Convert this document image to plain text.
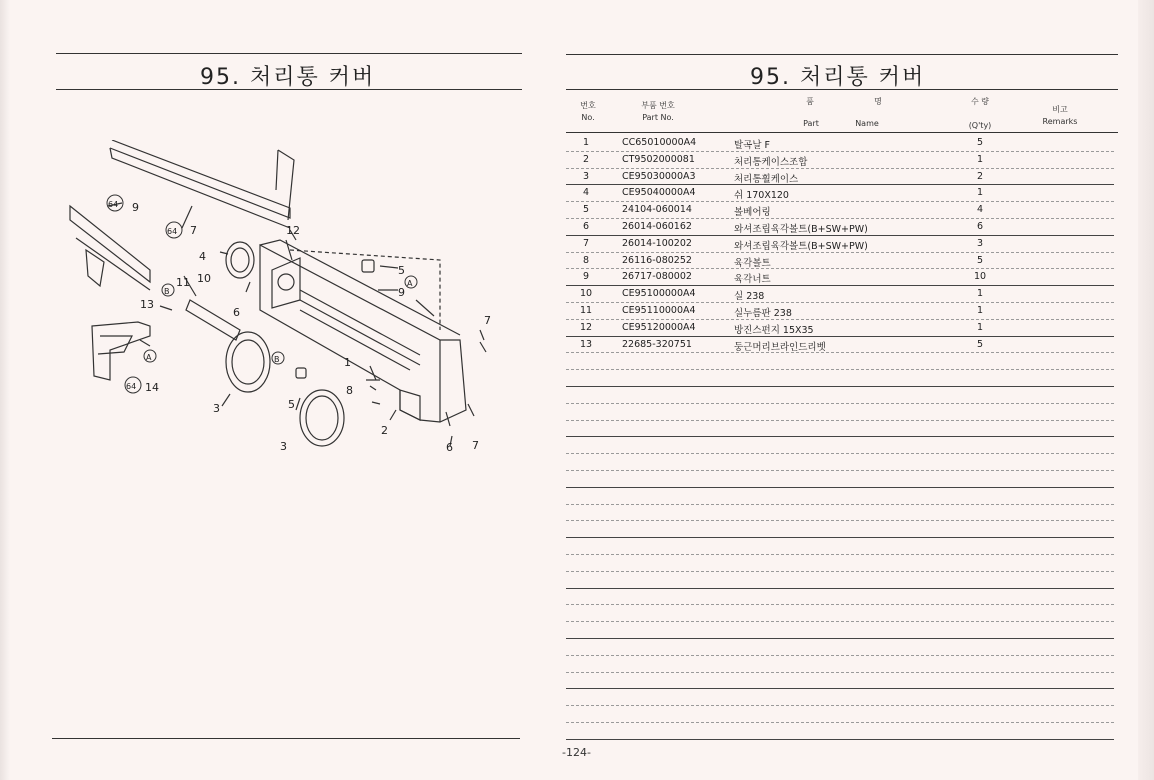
95. 처리통 커버
64 9
64 7	12
4
5
9
A
11 10
B
13
6
7
A	1
B
8
3	5
2
64 14
3	6 7
95. 처리통 커버
번호
No.
부품 번호
Part No.
품	명
Part	Name
수 량
(Q'ty)
비고
Remarks
1	CC65010000A4	탈곡날 F	5
2	CT9502000081	처리통케이스조합	1
3	CE95030000A3	처리통휠케이스	2
4	CE95040000A4	쉬 170X120	1
5	24104-060014	볼베어링	4
6	26014-060162	와셔조립육각볼트(B+SW+PW)	6
7	26014-100202	와셔조립육각볼트(B+SW+PW)	3
8	26116-080252	육각볼트	5
9	26717-080002	육각너트	10
10	CE95100000A4	실 238	1
11	CE95110000A4	실누름판 238	1
12	CE95120000A4	방진스펀지 15X35	1
13	22685-320751	둥근머리브라인드리벳	5
-124-
